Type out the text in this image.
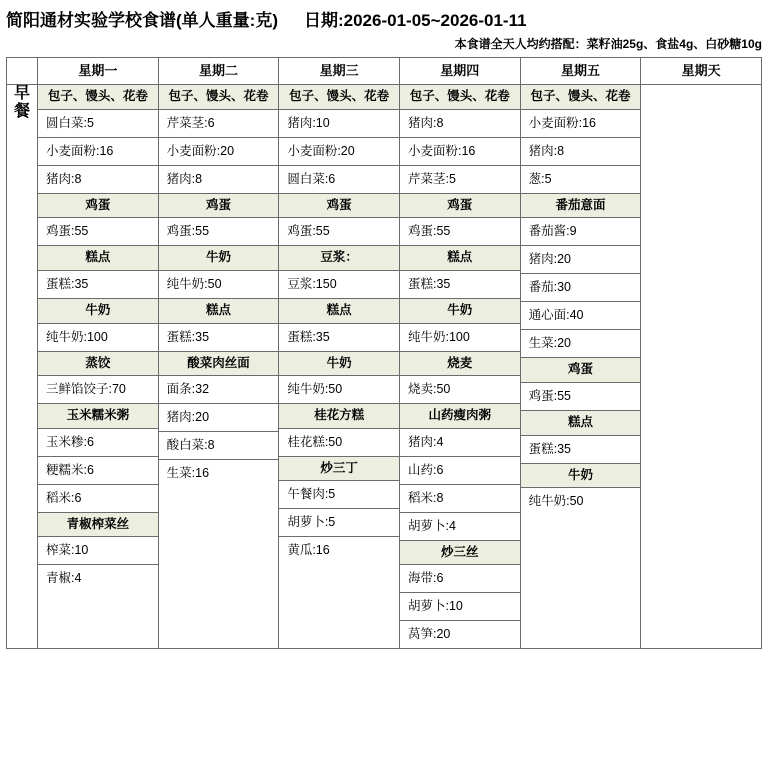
简阳通材实验学校食谱(单人重量:克) 日期:2026-01-05~2026-01-11
本食谱全天人均约搭配：菜籽油25g、食盐4g、白砂糖10g
	星期一	星期二	星期三	星期四	星期五	星期天
早餐	
包子、馒头、花卷
圆白菜:5
小麦面粉:16
猪肉:8
鸡蛋
鸡蛋:55
糕点
蛋糕:35
牛奶
纯牛奶:100
蒸饺
三鲜馅饺子:70
玉米糯米粥
玉米糁:6
粳糯米:6
稻米:6
青椒榨菜丝
榨菜:10
青椒:4

包子、馒头、花卷
芹菜茎:6
小麦面粉:20
猪肉:8
鸡蛋
鸡蛋:55
牛奶
纯牛奶:50
糕点
蛋糕:35
酸菜肉丝面
面条:32
猪肉:20
酸白菜:8
生菜:16

包子、馒头、花卷
猪肉:10
小麦面粉:20
圆白菜:6
鸡蛋
鸡蛋:55
豆浆：
豆浆:150
糕点
蛋糕:35
牛奶
纯牛奶:50
桂花方糕
桂花糕:50
炒三丁
午餐肉:5
胡萝卜:5
黄瓜:16

包子、馒头、花卷
猪肉:8
小麦面粉:16
芹菜茎:5
鸡蛋
鸡蛋:55
糕点
蛋糕:35
牛奶
纯牛奶:100
烧麦
烧卖:50
山药瘦肉粥
猪肉:4
山药:6
稻米:8
胡萝卜:4
炒三丝
海带:6
胡萝卜:10
莴笋:20

包子、馒头、花卷
小麦面粉:16
猪肉:8
葱:5
番茄意面
番茄酱:9
猪肉:20
番茄:30
通心面:40
生菜:20
鸡蛋
鸡蛋:55
糕点
蛋糕:35
牛奶
纯牛奶:50
